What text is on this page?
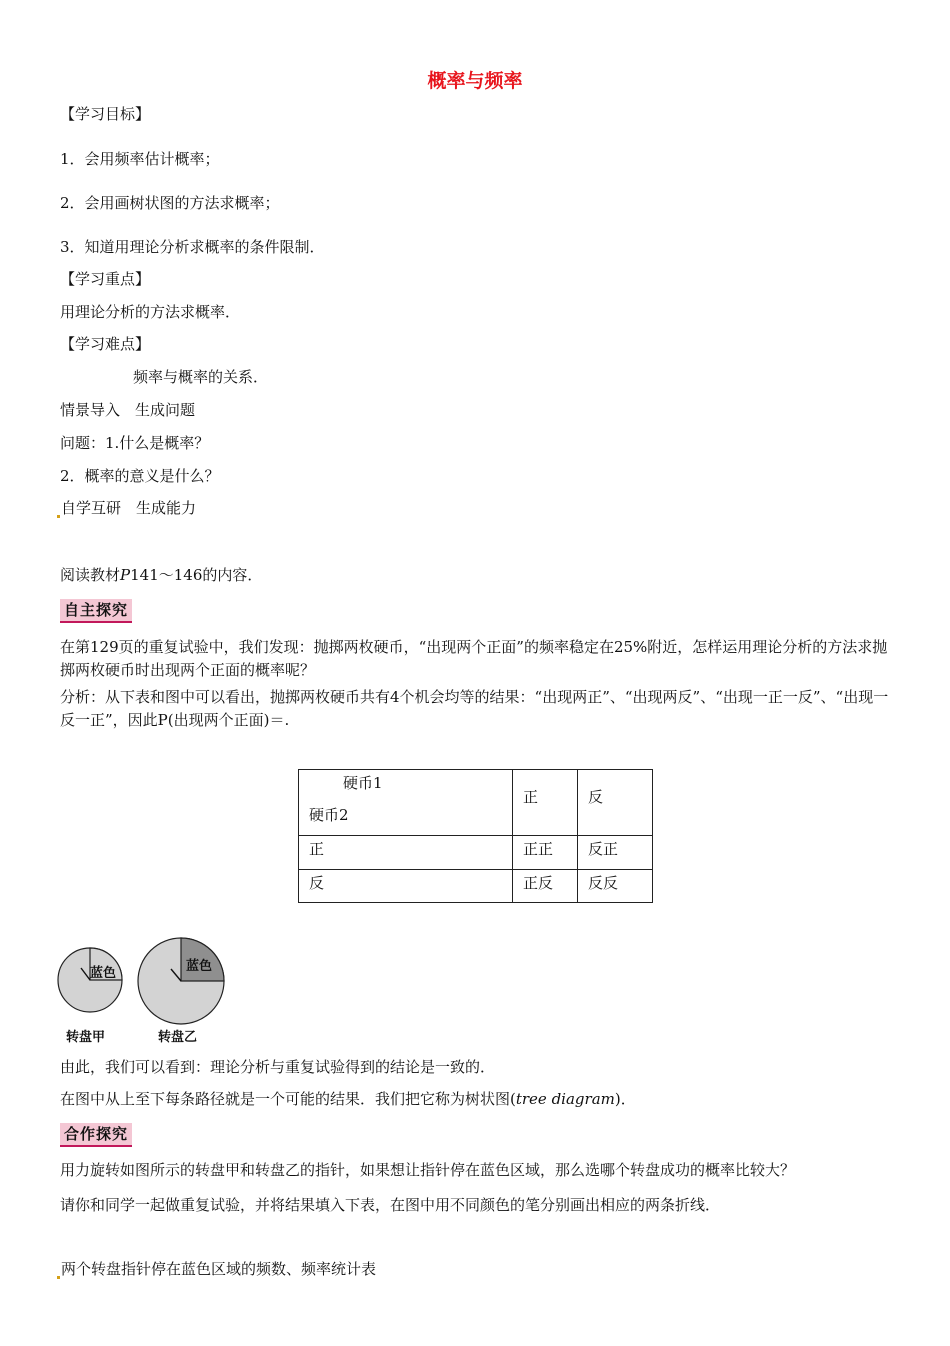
概率与频率
【学习目标】
1．会用频率估计概率；
2．会用画树状图的方法求概率；
3．知道用理论分析求概率的条件限制．
【学习重点】
用理论分析的方法求概率．
【学习难点】
频率与概率的关系．
情景导入　生成问题
问题：1.什么是概率？
2．概率的意义是什么？
自学互研　生成能力
阅读教材P141～146的内容．
自主探究
在第129页的重复试验中，我们发现：抛掷两枚硬币，“出现两个正面”的频率稳定在25%附近，怎样运用理论分析的方法求抛掷两枚硬币时出现两个正面的概率呢？
分析：从下表和图中可以看出，抛掷两枚硬币共有4个机会均等的结果：“出现两正”、“出现两反”、“出现一正一反”、“出现一反一正”，因此P(出现两个正面)＝.
硬币1
硬币2	正	反
正	正正	反正
反	正反	反反
蓝色	蓝色
转盘甲	转盘乙
由此，我们可以看到：理论分析与重复试验得到的结论是一致的．
在图中从上至下每条路径就是一个可能的结果．我们把它称为树状图(tree diagram)．
合作探究
用力旋转如图所示的转盘甲和转盘乙的指针，如果想让指针停在蓝色区域，那么选哪个转盘成功的概率比较大？
请你和同学一起做重复试验，并将结果填入下表，在图中用不同颜色的笔分别画出相应的两条折线．
两个转盘指针停在蓝色区域的频数、频率统计表
